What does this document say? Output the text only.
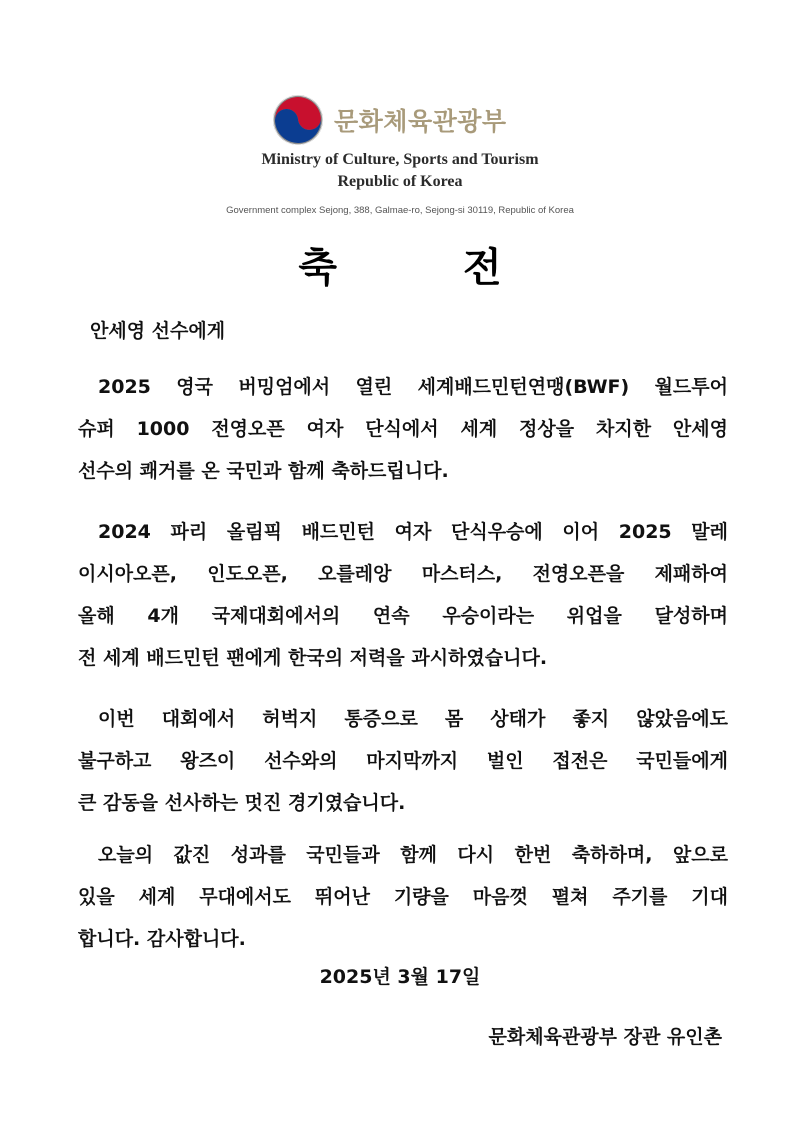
문화체육관광부
Ministry of Culture, Sports and Tourism
Republic of Korea
Government complex Sejong, 388, Galmae-ro, Sejong-si 30119, Republic of Korea
축 전
안세영 선수에게

2025 영국 버밍엄에서 열린 세계배드민턴연맹(BWF) 월드투어
슈퍼 1000 전영오픈 여자 단식에서 세계 정상을 차지한 안세영
선수의 쾌거를 온 국민과 함께 축하드립니다.

2024 파리 올림픽 배드민턴 여자 단식우승에 이어 2025 말레
이시아오픈, 인도오픈, 오를레앙 마스터스, 전영오픈을 제패하여
올해 4개 국제대회에서의 연속 우승이라는 위업을 달성하며
전 세계 배드민턴 팬에게 한국의 저력을 과시하였습니다.

이번 대회에서 허벅지 통증으로 몸 상태가 좋지 않았음에도
불구하고 왕즈이 선수와의 마지막까지 벌인 접전은 국민들에게
큰 감동을 선사하는 멋진 경기였습니다.

오늘의 값진 성과를 국민들과 함께 다시 한번 축하하며, 앞으로
있을 세계 무대에서도 뛰어난 기량을 마음껏 펼쳐 주기를 기대
합니다. 감사합니다.

2025년 3월 17일
문화체육관광부 장관 유인촌
